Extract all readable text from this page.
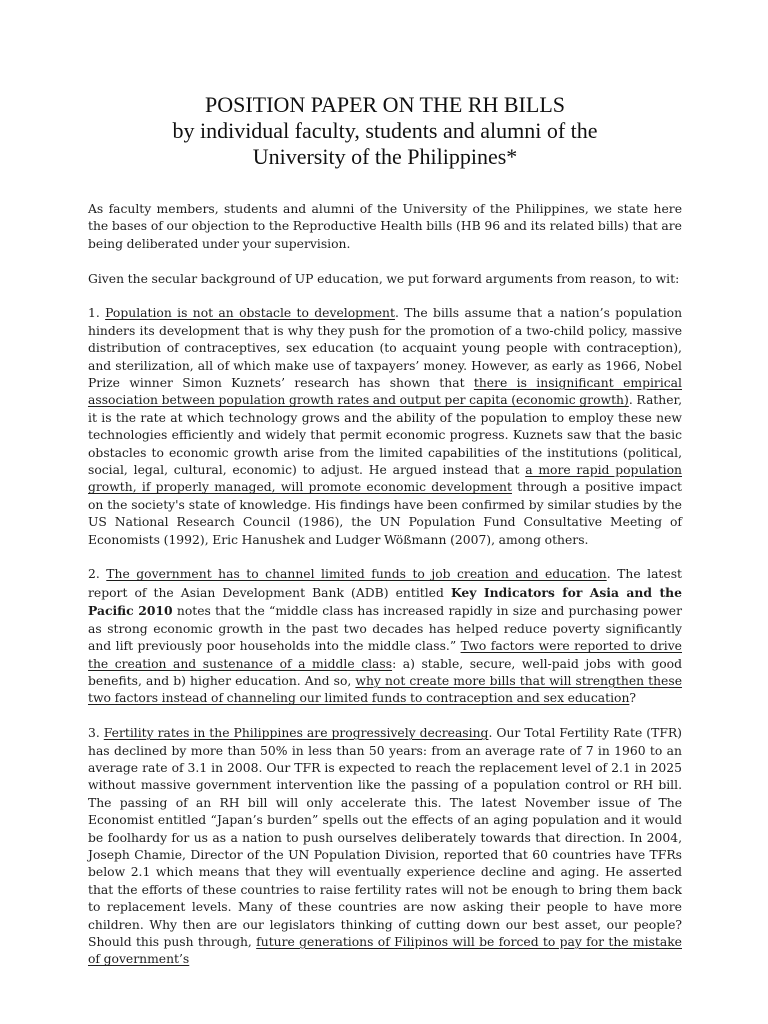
POSITION PAPER ON THE RH BILLS
by individual faculty, students and alumni of the
University of the Philippines*

As faculty members, students and alumni of the University of the Philippines, we state here the bases of our objection to the Reproductive Health bills (HB 96 and its related bills) that are being deliberated under your supervision.

Given the secular background of UP education, we put forward arguments from reason, to wit:

1. Population is not an obstacle to development. The bills assume that a nation’s population hinders its development that is why they push for the promotion of a two-child policy, massive distribution of contraceptives, sex education (to acquaint young people with contraception), and sterilization, all of which make use of taxpayers’ money. However, as early as 1966, Nobel Prize winner Simon Kuznets’ research has shown that there is insignificant empirical association between population growth rates and output per capita (economic growth). Rather, it is the rate at which technology grows and the ability of the population to employ these new technologies efficiently and widely that permit economic progress. Kuznets saw that the basic obstacles to economic growth arise from the limited capabilities of the institutions (political, social, legal, cultural, economic) to adjust. He argued instead that a more rapid population growth, if properly managed, will promote economic development through a positive impact on the society's state of knowledge. His findings have been confirmed by similar studies by the US National Research Council (1986), the UN Population Fund Consultative Meeting of Economists (1992), Eric Hanushek and Ludger Wößmann (2007), among others.

2. The government has to channel limited funds to job creation and education. The latest report of the Asian Development Bank (ADB) entitled Key Indicators for Asia and the Pacific 2010 notes that the “middle class has increased rapidly in size and purchasing power as strong economic growth in the past two decades has helped reduce poverty significantly and lift previously poor households into the middle class.” Two factors were reported to drive the creation and sustenance of a middle class: a) stable, secure, well-paid jobs with good benefits, and b) higher education. And so, why not create more bills that will strengthen these two factors instead of channeling our limited funds to contraception and sex education?

3. Fertility rates in the Philippines are progressively decreasing. Our Total Fertility Rate (TFR) has declined by more than 50% in less than 50 years: from an average rate of 7 in 1960 to an average rate of 3.1 in 2008. Our TFR is expected to reach the replacement level of 2.1 in 2025 without massive government intervention like the passing of a population control or RH bill. The passing of an RH bill will only accelerate this. The latest November issue of The Economist entitled “Japan’s burden” spells out the effects of an aging population and it would be foolhardy for us as a nation to push ourselves deliberately towards that direction. In 2004, Joseph Chamie, Director of the UN Population Division, reported that 60 countries have TFRs below 2.1 which means that they will eventually experience decline and aging. He asserted that the efforts of these countries to raise fertility rates will not be enough to bring them back to replacement levels. Many of these countries are now asking their people to have more children. Why then are our legislators thinking of cutting down our best asset, our people? Should this push through, future generations of Filipinos will be forced to pay for the mistake of government’s
